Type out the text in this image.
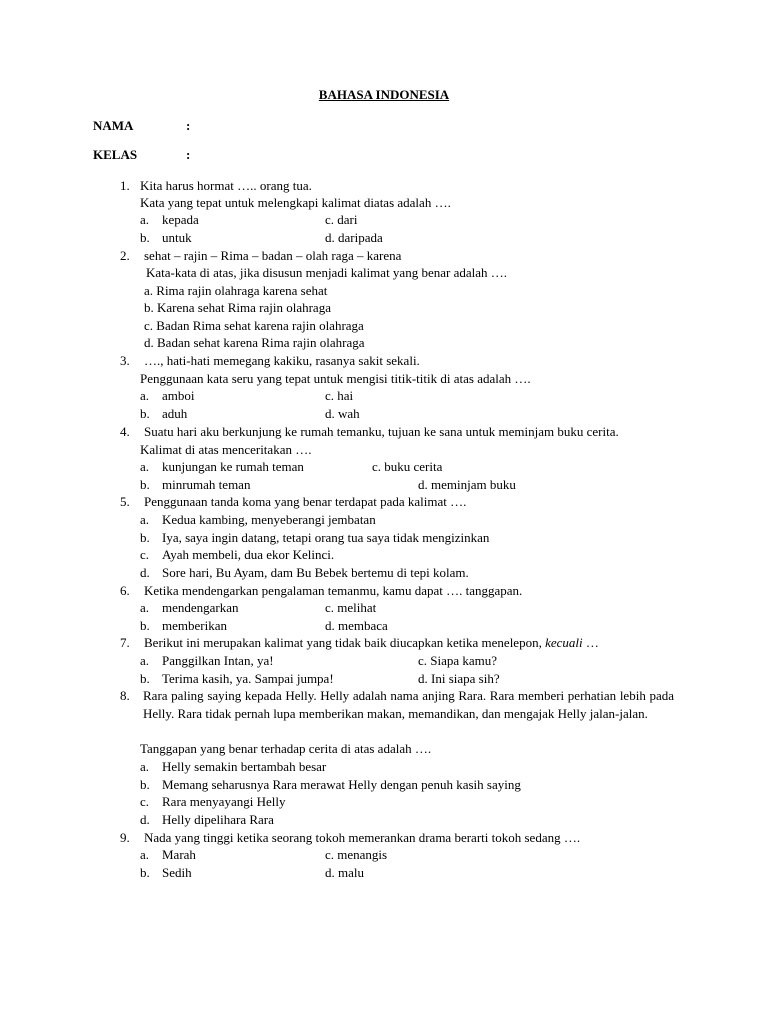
BAHASA INDONESIA
NAMA	:
KELAS	:
1. Kita harus hormat ….. orang tua.
Kata yang tepat untuk melengkapi kalimat diatas adalah ….
a. kepada	c. dari
b. untuk	d. daripada
2. sehat – rajin – Rima – badan – olah raga – karena
Kata-kata di atas, jika disusun menjadi kalimat yang benar adalah ….
a. Rima rajin olahraga karena sehat
b. Karena sehat Rima rajin olahraga
c. Badan Rima sehat karena rajin olahraga
d. Badan sehat karena Rima rajin olahraga
3. …., hati-hati memegang kakiku, rasanya sakit sekali.
Penggunaan kata seru yang tepat untuk mengisi titik-titik di atas adalah ….
a. amboi	c. hai
b. aduh	d. wah
4. Suatu hari aku berkunjung ke rumah temanku, tujuan ke sana untuk meminjam buku cerita.
Kalimat di atas menceritakan ….
a. kunjungan ke rumah teman	c. buku cerita
b. minrumah teman	d. meminjam buku
5. Penggunaan tanda koma yang benar terdapat pada kalimat ….
a. Kedua kambing, menyeberangi jembatan
b. Iya, saya ingin datang, tetapi orang tua saya tidak mengizinkan
c. Ayah membeli, dua ekor Kelinci.
d. Sore hari, Bu Ayam, dam Bu Bebek bertemu di tepi kolam.
6. Ketika mendengarkan pengalaman temanmu, kamu dapat …. tanggapan.
a. mendengarkan	c. melihat
b. memberikan	d. membaca
7. Berikut ini merupakan kalimat yang tidak baik diucapkan ketika menelepon, kecuali …
a. Panggilkan Intan, ya!	c. Siapa kamu?
b. Terima kasih, ya. Sampai jumpa!	d. Ini siapa sih?
8. Rara paling saying kepada Helly. Helly adalah nama anjing Rara. Rara memberi perhatian lebih pada Helly. Rara tidak pernah lupa memberikan makan, memandikan, dan mengajak Helly jalan-jalan.
Tanggapan yang benar terhadap cerita di atas adalah ….
a. Helly semakin bertambah besar
b. Memang seharusnya Rara merawat Helly dengan penuh kasih saying
c. Rara menyayangi Helly
d. Helly dipelihara Rara
9. Nada yang tinggi ketika seorang tokoh memerankan drama berarti tokoh sedang ….
a. Marah	c. menangis
b. Sedih	d. malu
